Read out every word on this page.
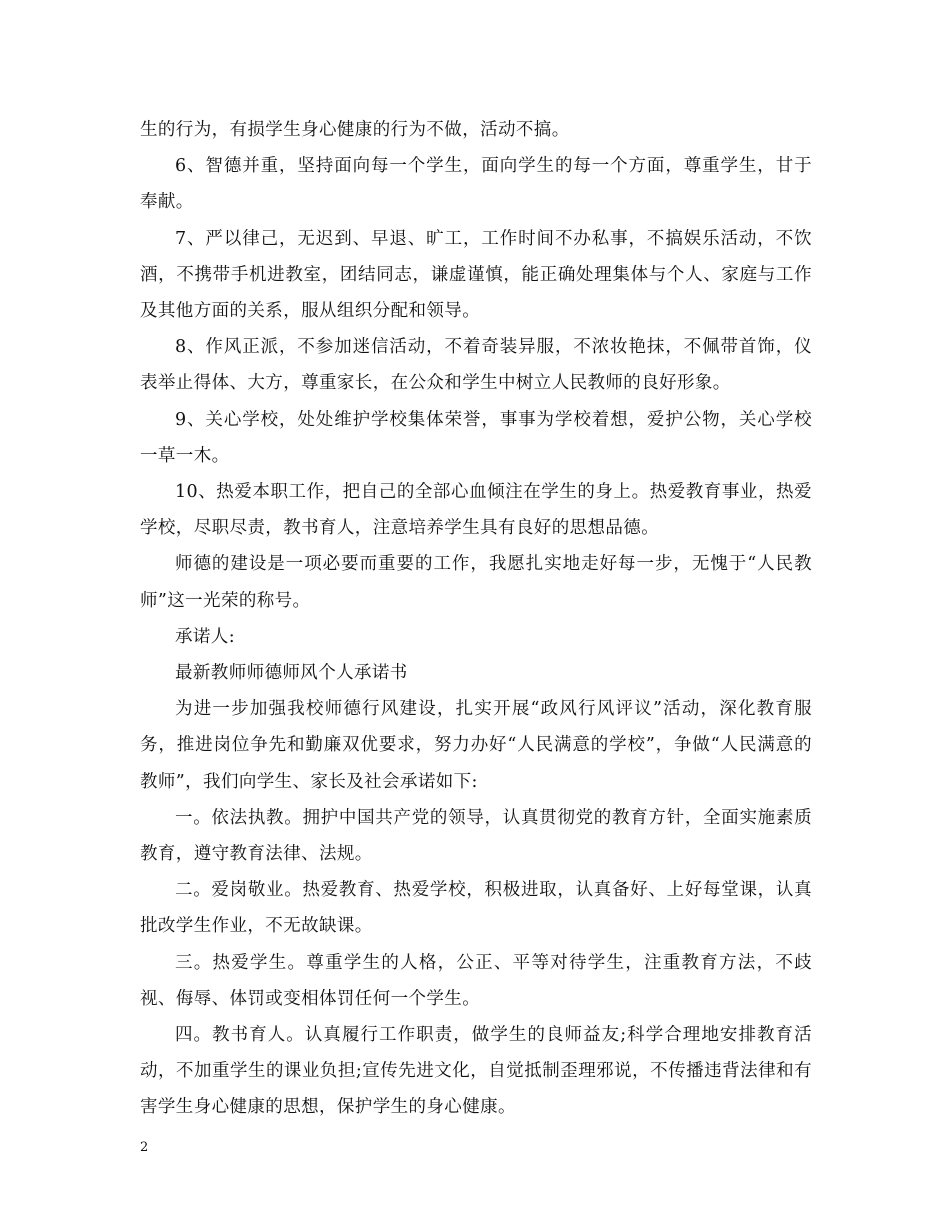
生的行为，有损学生身心健康的行为不做，活动不搞。

6、智德并重，坚持面向每一个学生，面向学生的每一个方面，尊重学生，甘于奉献。

7、严以律己，无迟到、早退、旷工，工作时间不办私事，不搞娱乐活动，不饮酒，不携带手机进教室，团结同志，谦虚谨慎，能正确处理集体与个人、家庭与工作及其他方面的关系，服从组织分配和领导。

8、作风正派，不参加迷信活动，不着奇装异服，不浓妆艳抹，不佩带首饰，仪表举止得体、大方，尊重家长，在公众和学生中树立人民教师的良好形象。

9、关心学校，处处维护学校集体荣誉，事事为学校着想，爱护公物，关心学校一草一木。

10、热爱本职工作，把自己的全部心血倾注在学生的身上。热爱教育事业，热爱学校，尽职尽责，教书育人，注意培养学生具有良好的思想品德。

师德的建设是一项必要而重要的工作，我愿扎实地走好每一步，无愧于“人民教师”这一光荣的称号。

承诺人:

最新教师师德师风个人承诺书

为进一步加强我校师德行风建设，扎实开展“政风行风评议”活动，深化教育服务，推进岗位争先和勤廉双优要求，努力办好“人民满意的学校”，争做“人民满意的教师”，我们向学生、家长及社会承诺如下:

一。依法执教。拥护中国共产党的领导，认真贯彻党的教育方针，全面实施素质教育，遵守教育法律、法规。

二。爱岗敬业。热爱教育、热爱学校，积极进取，认真备好、上好每堂课，认真批改学生作业，不无故缺课。

三。热爱学生。尊重学生的人格，公正、平等对待学生，注重教育方法，不歧视、侮辱、体罚或变相体罚任何一个学生。

四。教书育人。认真履行工作职责，做学生的良师益友;科学合理地安排教育活动，不加重学生的课业负担;宣传先进文化，自觉抵制歪理邪说，不传播违背法律和有害学生身心健康的思想，保护学生的身心健康。

2
